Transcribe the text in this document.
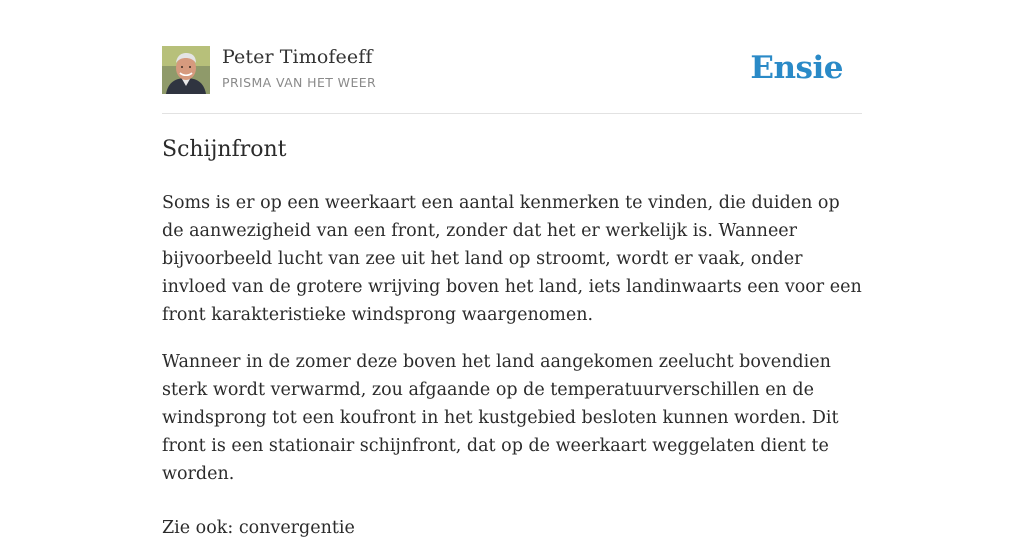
Peter Timofeeff
PRISMA VAN HET WEER	Ensie
Schijnfront

Soms is er op een weerkaart een aantal kenmerken te vinden, die duiden op de aanwezigheid van een front, zonder dat het er werkelijk is. Wanneer bijvoorbeeld lucht van zee uit het land op stroomt, wordt er vaak, onder invloed van de grotere wrijving boven het land, iets landinwaarts een voor een front karakteristieke windsprong waargenomen.

Wanneer in de zomer deze boven het land aangekomen zeelucht bovendien sterk wordt verwarmd, zou afgaande op de temperatuurverschillen en de windsprong tot een koufront in het kustgebied besloten kunnen worden. Dit front is een stationair schijnfront, dat op de weerkaart weggelaten dient te worden.

Zie ook: convergentie
